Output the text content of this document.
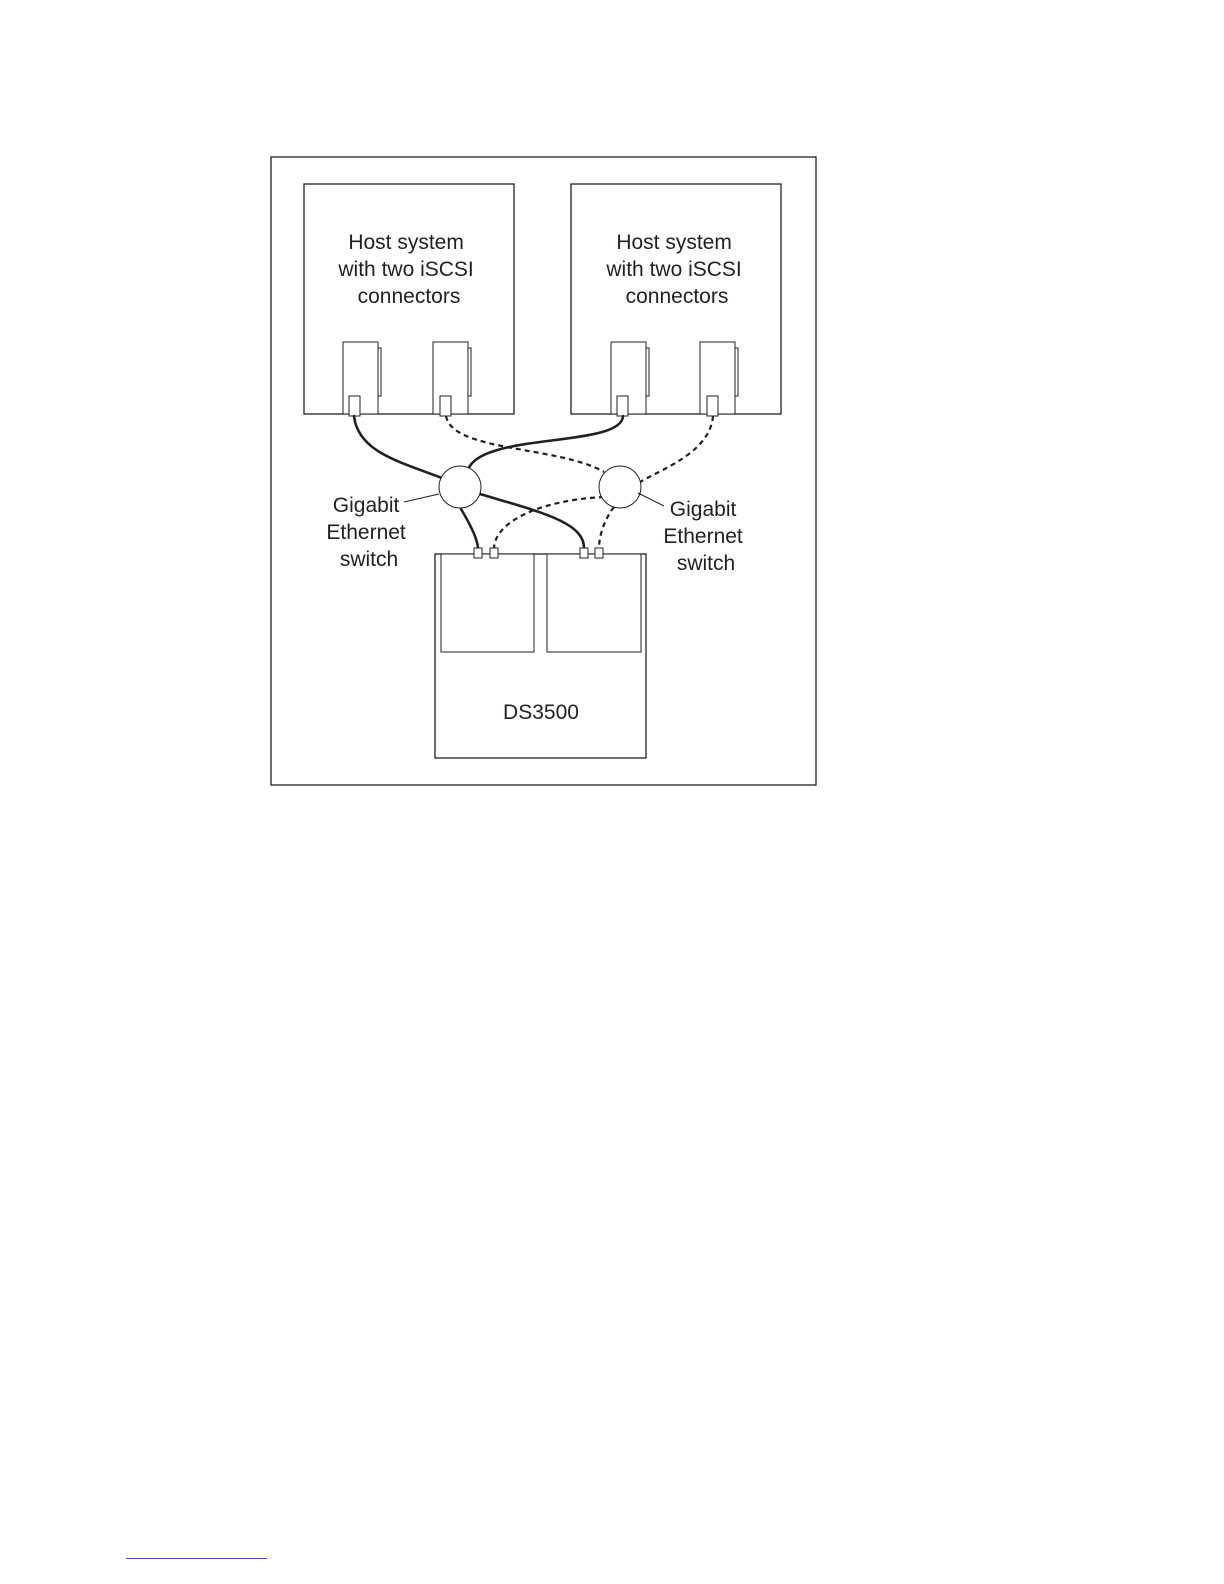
Host system with two iSCSI connectors
Host system with two iSCSI connectors
Gigabit Ethernet switch
Gigabit Ethernet switch
DS3500
